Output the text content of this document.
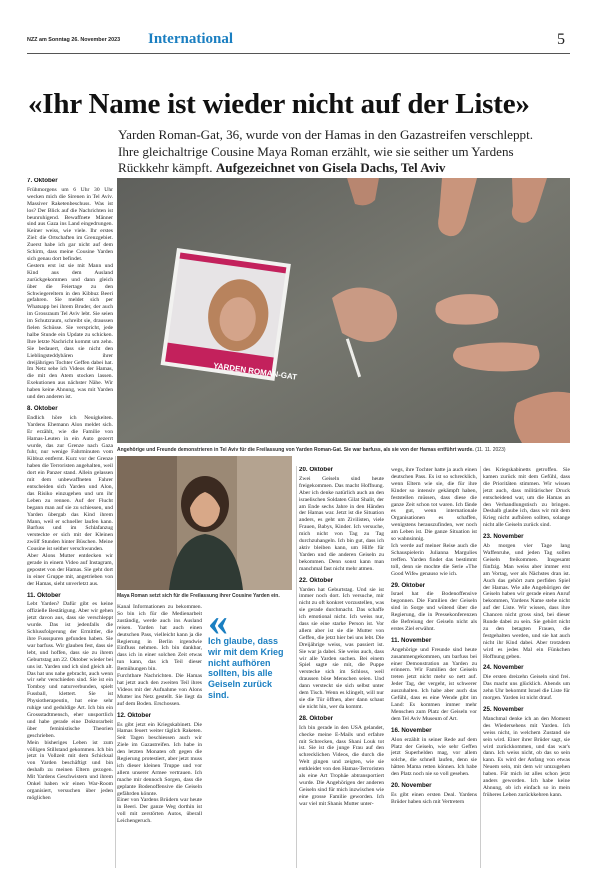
NZZ am Sonntag 26. November 2023 International	5
«Ihr Name ist wieder nicht auf der Liste»
Yarden Roman-Gat, 36, wurde von der Hamas in den Gazastreifen verschleppt. Ihre gleichaltrige Cousine Maya Roman erzählt, wie sie seither um Yardens Rückkehr kämpft. Aufgezeichnet von Gisela Dachs, Tel Aviv
YARDEN ROMAN-GAT
Angehörige und Freunde demonstrieren in Tel Aviv für die Freilassung von Yarden Roman-Gat. Sie war barfuss, als sie von der Hamas entführt wurde. (11. 11. 2023)
Maya Roman setzt sich für die Freilassung ihrer Cousine Yarden ein.
«
Ich glaube, dass wir mit dem Krieg nicht aufhören sollten, bis alle Geiseln zurück sind.
7. Oktober

Frühmorgens um 6 Uhr 30 Uhr wecken mich die Sirenen in Tel Aviv. Massiver Raketenbeschuss. Was ist los? Der Blick auf die Nachrichten ist beunruhigend. Bewaffnete Männer sind aus Gaza ins Land eingedrungen. Keiner weiss, wie viele. Ihr erstes Ziel: die Ortschaften im Grenzgebiet. Zuerst habe ich gar nicht auf dem Schirm, dass meine Cousine Yarden sich genau dort befindet.

Gestern erst ist sie mit Mann und Kind aus dem Ausland zurückgekommen und dann gleich über die Feiertage zu den Schwiegereltern in den Kibbuz Beeri gefahren. Sie meldet sich per Whatsapp bei ihrem Bruder, der auch im Grossraum Tel Aviv lebt. Sie seien im Schutzraum, schreibt sie, draussen fielen Schüsse. Sie verspricht, jede halbe Stunde ein Update zu schicken. Ihre letzte Nachricht kommt um zehn. Sie bedauert, dass sie nicht den Lieblingsteddybären ihrer dreijährigen Tochter Geffen dabei hat. Im Netz sehe ich Videos der Hamas, die mit den Atem stocken lassen. Exekutionen aus nächster Nähe. Wir haben keine Ahnung, was mit Yarden und den anderen ist.

8. Oktober

Endlich höre ich Neuigkeiten. Yardens Ehemann Alon meldet sich. Er erzählt, wie die Familie von Hamas-Leuten in ein Auto gezerrt wurde, das zur Grenze nach Gaza fuhr, nur wenige Fahrminuten vom Kibbuz entfernt. Kurz vor der Grenze haben die Terroristen angehalten, weil dort ein Panzer stand. Allein gelassen mit dem unbewaffneten Fahrer entscheiden sich Yarden und Alon, das Risiko einzugehen und um ihr Leben zu rennen. Auf der Flucht begann man auf sie zu schiessen, und Yarden übergab das Kind ihrem Mann, weil er schneller laufen kann. Barfuss und im Schlafanzug versteckte er sich mit der Kleinen zwölf Stunden hinter Büschen. Meine Cousine ist seither verschwunden.

Aber Alons Mutter entdecken wir gerade in einem Video auf Instagram, gepostet von der Hamas. Sie geht dort in einer Gruppe mit, angetrieben von der Hamas, sieht unverletzt aus.

11. Oktober

Lebt Yarden? Dafür gibt es keine offizielle Bestätigung. Aber wir gehen jetzt davon aus, dass sie verschleppt wurde. Das ist jedenfalls die Schlussfolgerung der Ermittler, die ihre Fussspuren gefunden haben. Sie war barfuss. Wir glauben fest, dass sie lebt, und hoffen, dass sie zu ihrem Geburtstag am 22. Oktober wieder bei uns ist. Yarden und ich sind gleich alt. Das hat uns nahe gebracht, auch wenn wir sehr verschieden sind. Sie ist ein Tomboy und naturverbunden, spielt Fussball, klettert. Sie ist Physiotherapeutin, hat eine sehr ruhige und geduldige Art. Ich bin ein Grossstadtmensch, eher unsportlich und habe gerade eine Doktorarbeit über feministische Theorien geschrieben.

Mein bisheriges Leben ist zum völligen Stillstand gekommen. Ich bin jetzt in Vollzeit mit dem Schicksal von Yarden beschäftigt und bin deshalb zu meinen Eltern gezogen. Mit Yardens Geschwistern und ihrem Onkel haben wir einen War-Room organisiert, versuchen über jeden möglichen

Kanal Informationen zu bekommen. So bin ich für die Medienarbeit zuständig, werde auch ins Ausland reisen. Yarden hat auch einen deutschen Pass, vielleicht kann ja die Regierung in Berlin irgendwie Einfluss nehmen. Ich bin dankbar, dass ich in einer solchen Zeit etwas tun kann, das ich Teil dieser Bemühungen bin.

Furchtbare Nachrichten. Die Hamas hat jetzt auch den zweiten Teil ihres Videos mit der Aufnahme von Alons Mutter ins Netz gestellt. Sie liegt da auf dem Boden. Erschossen.

12. Oktober

Es gibt jetzt ein Kriegskabinett. Die Hamas feuert weiter täglich Raketen. Seit Tagen beschiessen auch wir Ziele im Gazastreifen. Ich habe in den letzten Monaten oft gegen die Regierung protestiert, aber jetzt muss ich dieser kleinen Truppe und vor allem unserer Armee vertrauen. Ich mache mir dennoch Sorgen, dass die geplante Bodenoffensive die Geiseln gefährden könnte.

Einer von Yardens Brüdern war heute in Beeri. Der ganze Weg dorthin ist voll mit zerstörten Autos, überall Leichengeruch.

20. Oktober

Zwei Geiseln sind heute freigekommen. Das macht Hoffnung. Aber ich denke natürlich auch an den israelischen Soldaten Gilat Shalit, der am Ende sechs Jahre in den Händen der Hamas war. Jetzt ist die Situation anders, es geht um Zivilisten, viele Frauen, Babys, Kinder. Ich versuche, mich nicht von Tag zu Tag durchzuhangeln. Ich bin gut, dass ich aktiv bleiben kann, um Hilfe für Yarden und die anderen Geiseln zu bekommen. Denn sonst kann man manchmal fast nicht mehr atmen.

22. Oktober

Yarden hat Geburtstag. Und sie ist immer noch dort. Ich versuche, mir nicht zu oft konkret vorzustellen, was sie gerade durchmacht. Das schaffe ich emotional nicht. Ich weiss nur, dass sie eine starke Person ist. Vor allem aber ist sie die Mutter von Geffen, die jetzt hier bei uns lebt. Die Dreijährige weiss, was passiert ist. Sie war ja dabei. Sie weiss auch, dass wir alle Yarden suchen. Bei einem Spiel sagte sie mit, die Puppe verstecke sich im Schloss, weil draussen böse Menschen seien. Und dann versteckt sie sich selbst unter dem Tisch. Wenn es klingelt, will nur sie die Tür öffnen, aber dann schaut sie nicht hin, wer da kommt.

28. Oktober

Ich bin gerade in den USA gelandet, checke meine E-Mails und erfahre mit Schrecken, dass Shani Louk tot ist. Sie ist die junge Frau auf den schrecklichen Videos, die durch die Welt gingen und zeigten, wie sie entkleidet von den Hamas-Terroristen als eine Art Trophäe abtransportiert wurde. Die Angehörigen der anderen Geiseln sind für mich inzwischen wie eine grosse Familie geworden. Ich war viel mit Shanis Mutter unter-

wegs, ihre Tochter hatte ja auch einen deutschen Pass. Es ist so schrecklich, wenn Eltern wie sie, die für ihre Kinder so intensiv gekämpft haben, feststellen müssen, dass diese die ganze Zeit schon tot waren. Ich fände es gut, wenn internationale Organisationen es schaffen, wenigstens herauszufinden, wer noch am Leben ist. Die ganze Situation ist so wahnsinnig.

Ich werde auf meiner Reise auch die Schauspielerin Julianna Margulies treffen. Yarden findet das bestimmt toll, denn sie mochte die Serie «The Good Wife» genauso wie ich.

29. Oktober

Israel hat die Bodenoffensive begonnen. Die Familien der Geiseln sind in Sorge und wütend über die Regierung, die in Pressekonferenzen die Befreiung der Geiseln nicht als erstes Ziel erwähnt.

11. November

Angehörige und Freunde sind heute zusammengekommen, um barfuss bei einer Demonstration an Yarden zu erinnern. Wir Familien der Geiseln treten jetzt nicht mehr so nett auf. Jeder Tag, der vergeht, ist schwerer auszuhalten. Ich habe aber auch das Gefühl, dass es eine Wende gibt im Land: Es kommen immer mehr Menschen zum Platz der Geiseln vor dem Tel Aviv Museum of Art.

16. November

Alon erzählt in seiner Rede auf dem Platz der Geiseln, wie sehr Geffen jetzt Superhelden mag, vor allem solche, die schnell laufen, denn sie hätten Mama retten können. Ich habe den Platz noch nie so voll gesehen.

20. November

Es gibt einen ersten Deal. Yardens Brüder haben sich mit Vertretern

des Kriegskabinetts getroffen. Sie kamen zurück mit dem Gefühl, dass die Prioritäten stimmen. Wir wissen jetzt auch, dass militärischer Druck entscheidend war, um die Hamas an den Verhandlungstisch zu bringen. Deshalb glaube ich, dass wir mit dem Krieg nicht aufhören sollten, solange nicht alle Geiseln zurück sind.

23. November

Ab morgen vier Tage lang Waffenruhe, und jeden Tag sollen Geiseln freikommen. Insgesamt fünfzig. Man weiss aber immer erst am Vortag, wer als Nächstes dran ist. Auch das gehört zum perfiden Spiel der Hamas. Wie alle Angehörigen der Geiseln haben wir gerade einen Anruf bekommen, Yardens Name stehe nicht auf der Liste. Wir wissen, dass ihre Chancen nicht gross sind, bei dieser Runde dabei zu sein. Sie gehört nicht zu den betagten Frauen, die festgehalten werden, und sie hat auch nicht ihr Kind dabei. Aber trotzdem wird es jedes Mal ein Fünkchen Hoffnung geben.

24. November

Die ersten dreizehn Geiseln sind frei. Das macht uns glücklich. Abends um zehn Uhr bekommt Israel die Liste für morgen. Yarden ist nicht drauf.

25. November

Manchmal denke ich an den Moment des Wiedersehens mit Yarden. Ich weiss nicht, in welchem Zustand sie sein wird. Einer ihrer Brüder sagt, sie wird zurückkommen, und das war's dann. Ich weiss nicht, ob das so sein kann. Es wird der Anfang von etwas Neuem sein, mit dem wir umzugehen haben. Für mich ist alles schon jetzt anders geworden. Ich habe keine Ahnung, ob ich einfach so in mein früheres Leben zurückkehren kann.
